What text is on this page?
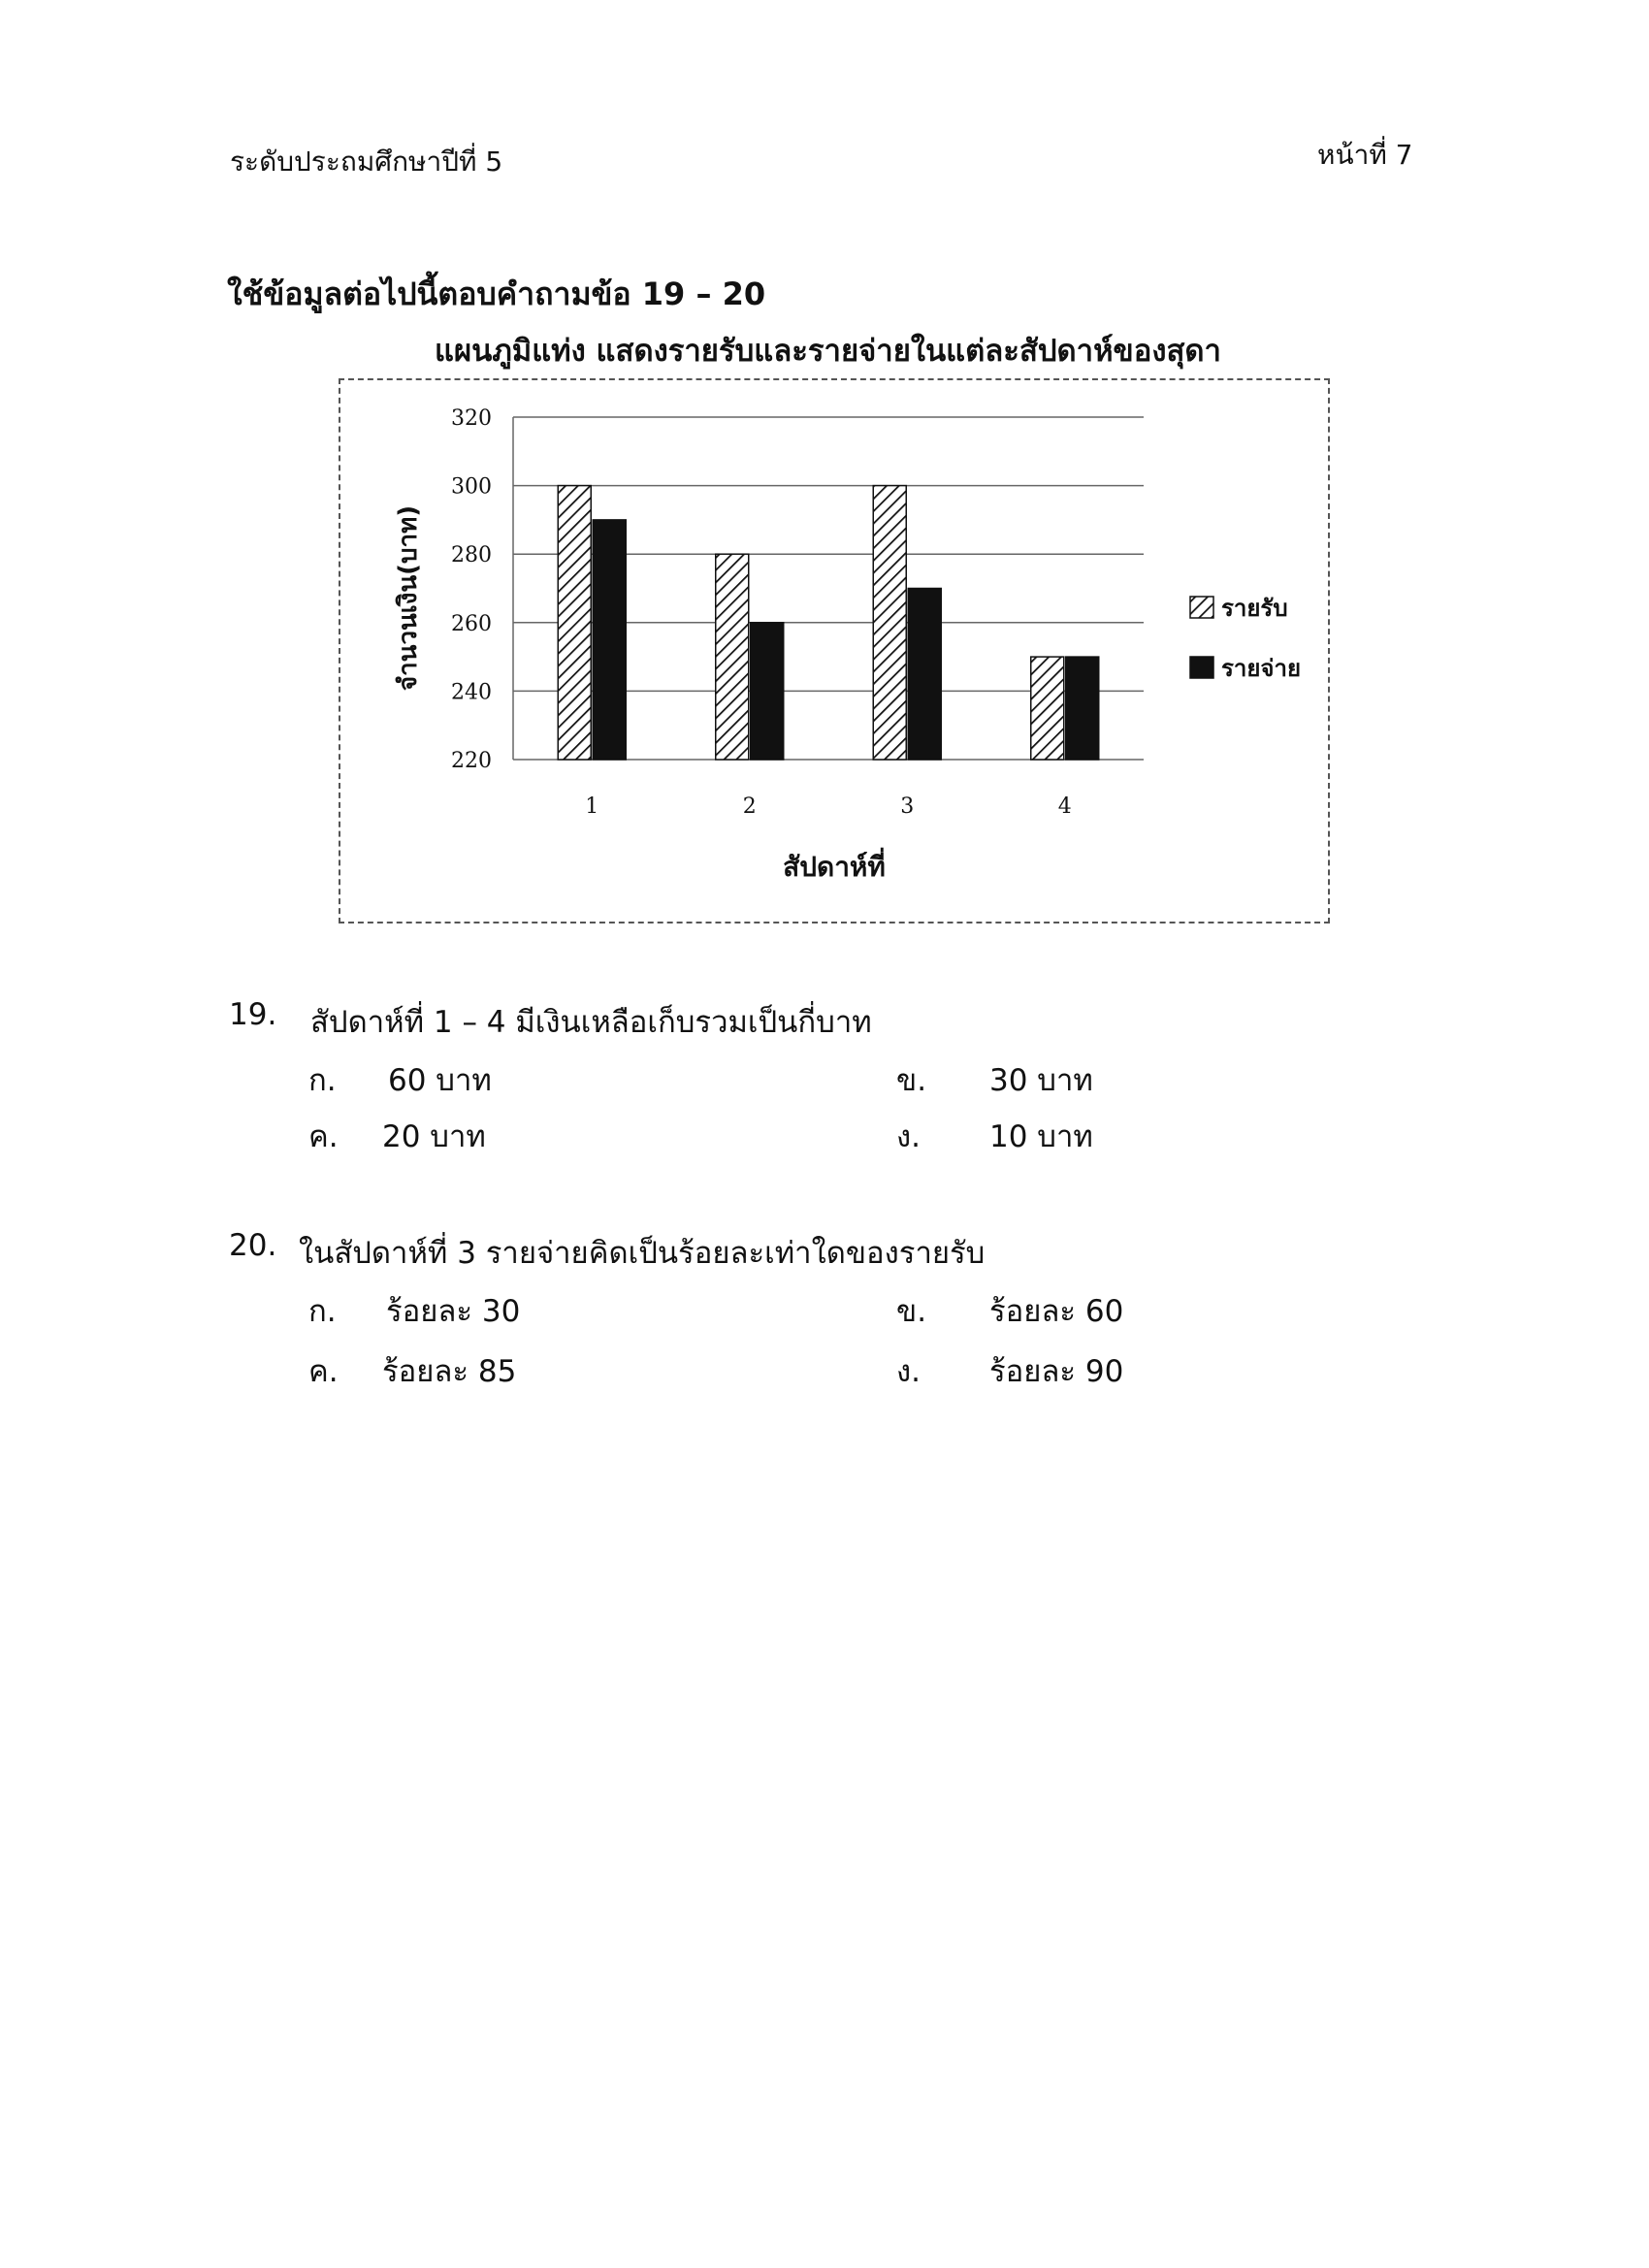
ระดับประถมศึกษาปีที่ 5	หน้าที่ 7
ใช้ข้อมูลต่อไปนี้ตอบคำถามข้อ 19 – 20
แผนภูมิแท่ง แสดงรายรับและรายจ่ายในแต่ละสัปดาห์ของสุดา
220
240
260
280
300
320
1	2	3	4
รายรับ
รายจ่าย
สัปดาห์ที่
จำนวนเงิน(บาท)
19. สัปดาห์ที่ 1 – 4 มีเงินเหลือเก็บรวมเป็นกี่บาท
ก. 60 บาท	ข. 30 บาท
ค. 20 บาท	ง. 10 บาท
20. ในสัปดาห์ที่ 3 รายจ่ายคิดเป็นร้อยละเท่าใดของรายรับ
ก. ร้อยละ 30	ข. ร้อยละ 60
ค. ร้อยละ 85	ง. ร้อยละ 90
